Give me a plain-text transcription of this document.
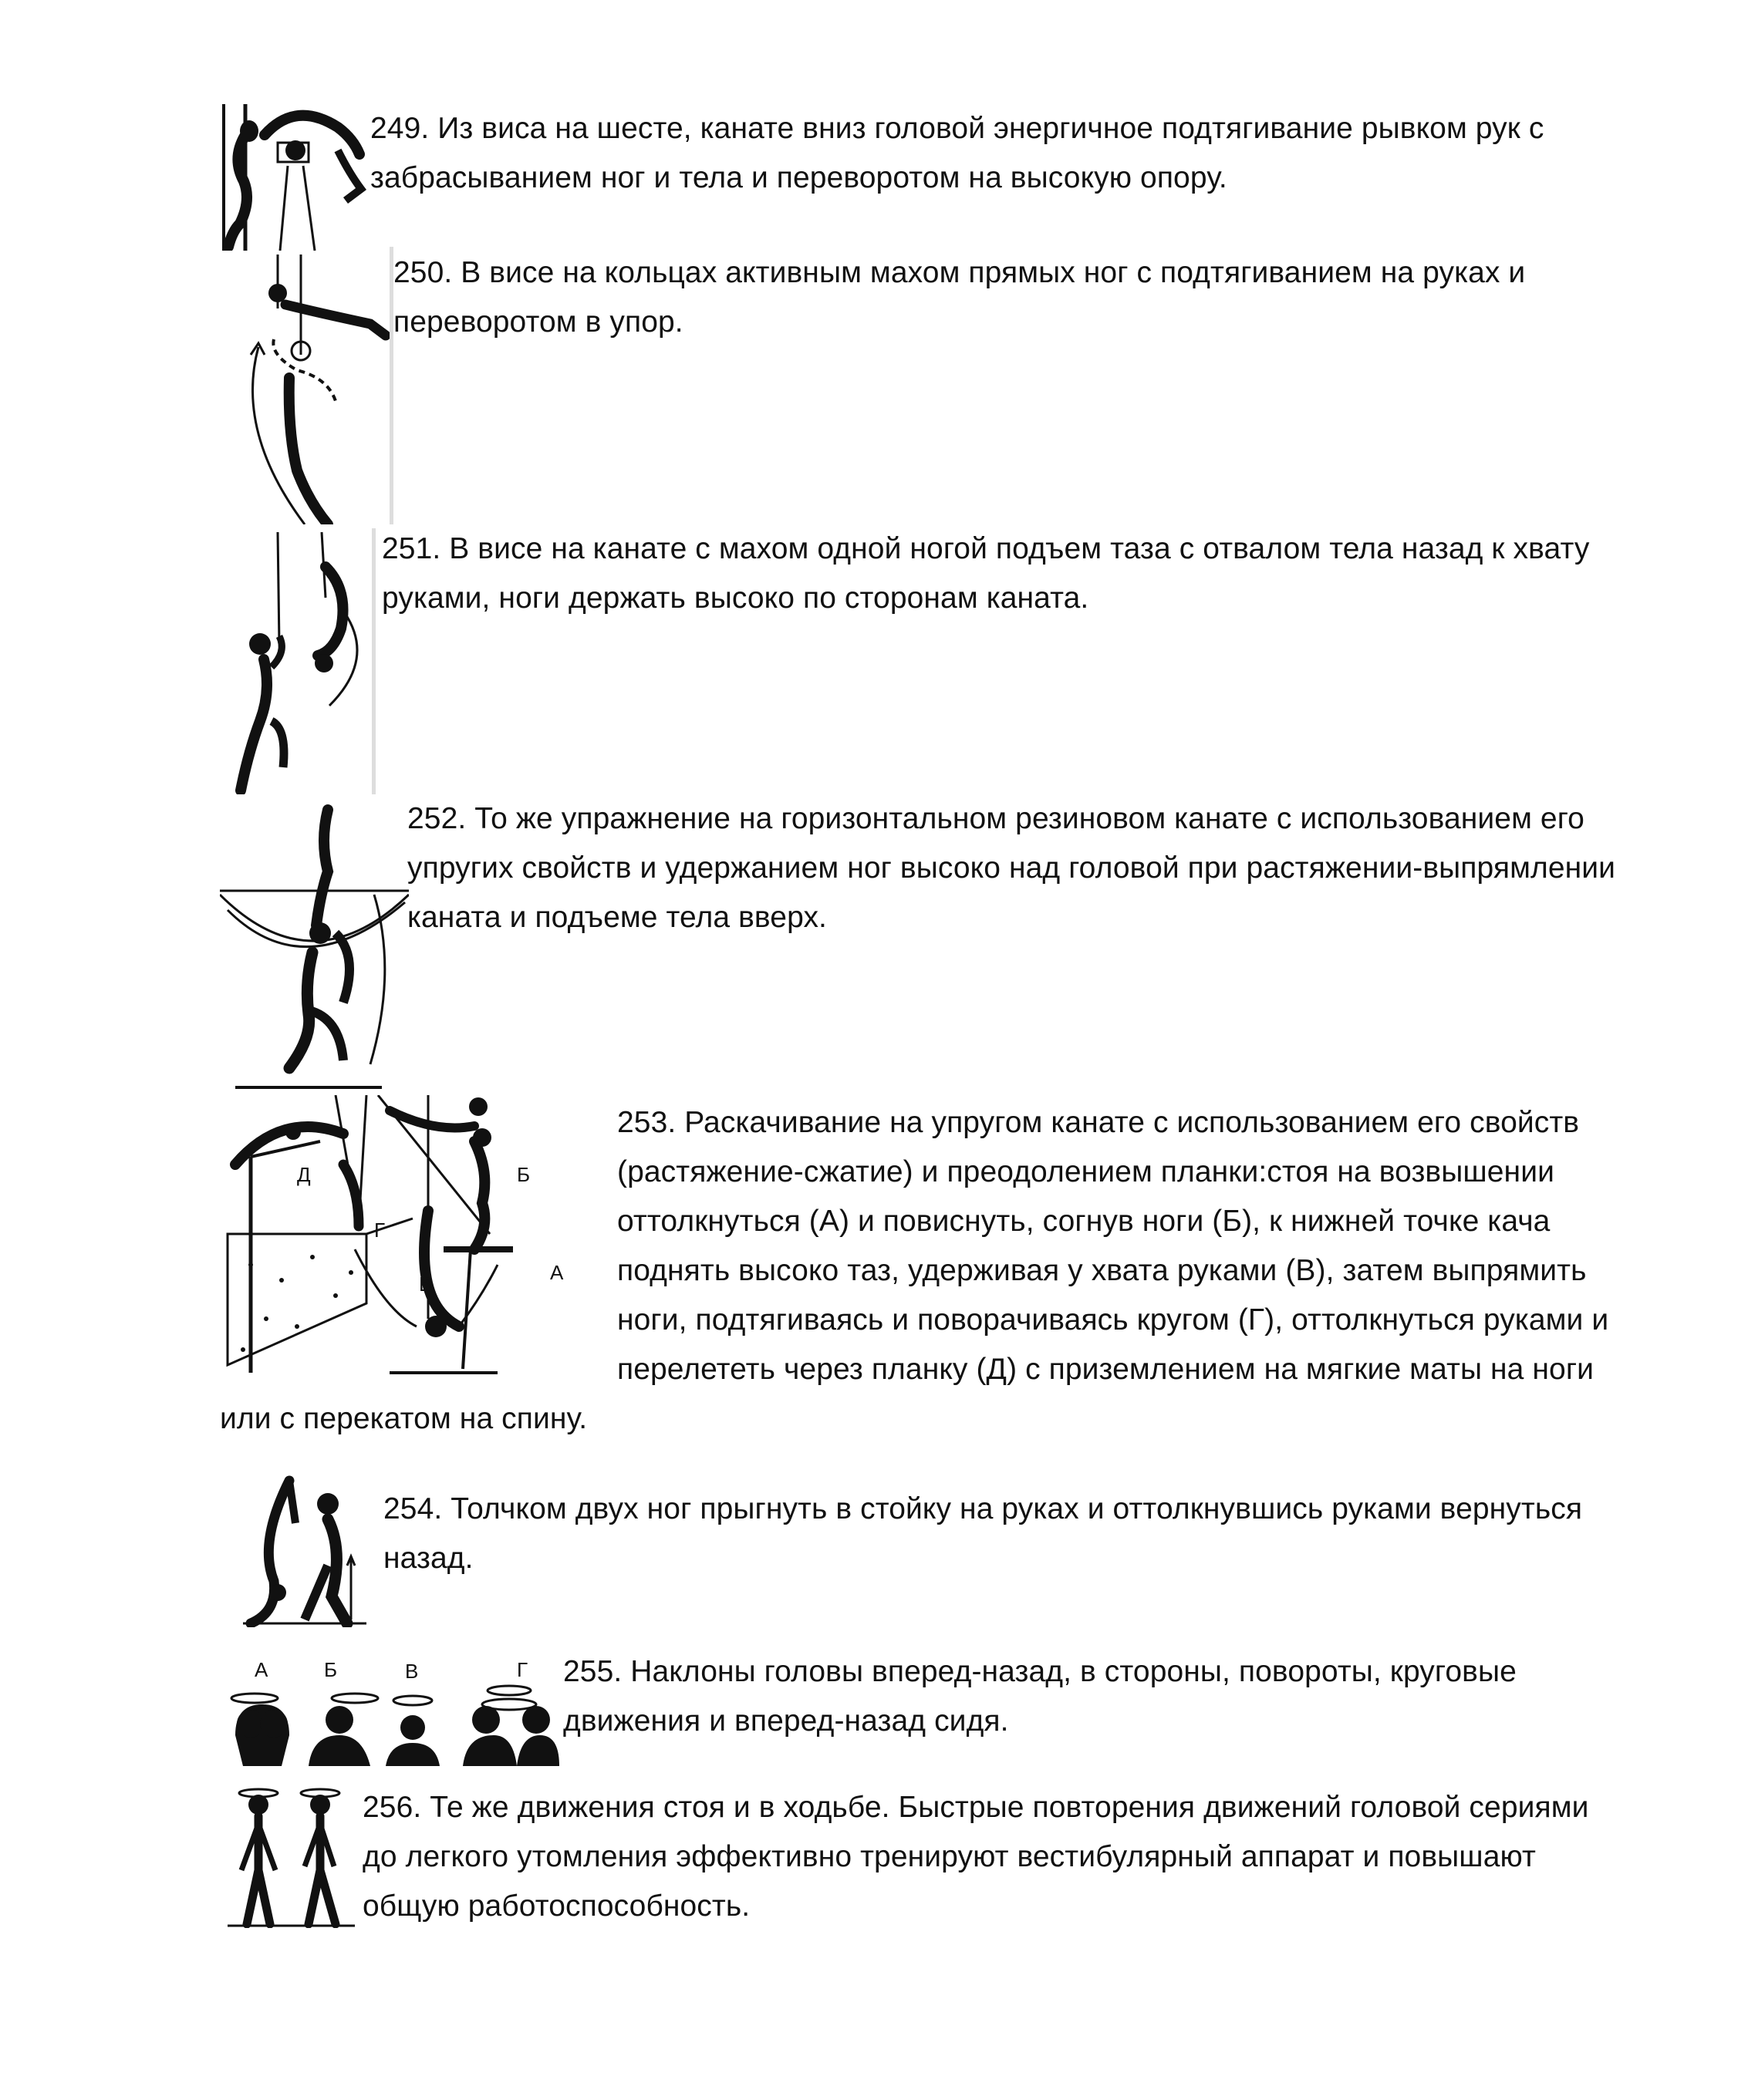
249. Из виса на шесте, канате вниз головой энергичное подтягивание рывком рук с
забрасыванием ног и тела и переворотом на высокую опору.
250. В висе на кольцах активным махом прямых ног с подтягиванием на руках и
переворотом в упор.
251. В висе на канате с махом одной ногой подъем таза с отвалом тела назад к хвату
руками, ноги держать высоко по сторонам каната.
252. То же упражнение на горизонтальном резиновом канате с использованием его
упругих свойств и удержанием ног высоко над головой при растяжении-выпрямлении
каната и подъеме тела вверх.
Д
Г
Б
В	А
253. Раскачивание на упругом канате с использованием его свойств
(растяжение-сжатие) и преодолением планки:стоя на возвышении
оттолкнуться (А) и повиснуть, согнув ноги (Б), к нижней точке кача
поднять высоко таз, удерживая у хвата руками (В), затем выпрямить
ноги, подтягиваясь и поворачиваясь кругом (Г), оттолкнуться руками и
перелететь через планку (Д) с приземлением на мягкие маты на ноги
или с перекатом на спину.
254. Толчком двух ног прыгнуть в стойку на руках и оттолкнувшись руками вернуться
назад.
А	Б	В	Г 255. Наклоны головы вперед-назад, в стороны, повороты, круговые
движения и вперед-назад сидя.
256. Те же движения стоя и в ходьбе. Быстрые повторения движений головой сериями
до легкого утомления эффективно тренируют вестибулярный аппарат и повышают
общую работоспособность.
